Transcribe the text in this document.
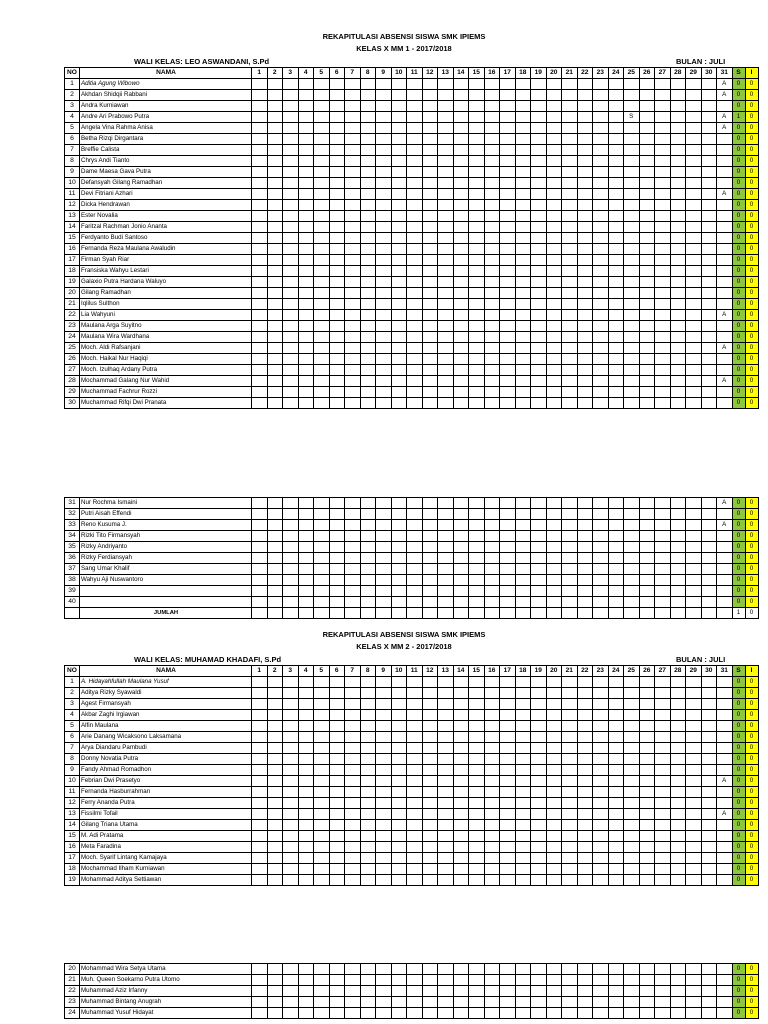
REKAPITULASI ABSENSI SISWA SMK IPIEMS
KELAS X MM 1 - 2017/2018
WALI KELAS: LEO ASWANDANI, S.Pd	BULAN : JULI
NO	NAMA	1	2	3	4	5	6	7	8	9	10	11	12	13	14	15	16	17	18	19	20	21	22	23	24	25	26	27	28	29	30	31	S	I
1	Aditia Agung Wibowo																															A	0	0
2	Akhdan Shidqii Rabbani																															A	0	0
3	Andra Kurniawan																																0	0
4	Andre Ari Prabowo Putra																									S						A	1	0
5	Angela Vina Rahma Anisa																															A	0	0
6	Betha Rizqi Dirgantara																																0	0
7	Breffie Calista																																0	0
8	Chrys Andi Tianto																																0	0
9	Dame Maesa Gava Putra																																0	0
10	Defansyah Gilang Ramadhan																																0	0
11	Devi Fitriani Azhari																															A	0	0
12	Dicka Hendrawan																																0	0
13	Ester Novalia																																0	0
14	Faritzal Rachman Jonio Ananta																																0	0
15	Ferdyanto Budi Santoso																																0	0
16	Fernanda Reza Maulana Awaludin																																0	0
17	Firman Syah Riar																																0	0
18	Fransiska Wahyu Lestari																																0	0
19	Galaxio Putra Hardana Waluyo																																0	0
20	Gilang Ramadhan																																0	0
21	Iqlilus Sulthon																																0	0
22	Lia Wahyuni																															A	0	0
23	Maulana Arga Suyitno																																0	0
24	Maulana Wira Wardhana																																0	0
25	Moch. Aldi Rafsanjani																															A	0	0
26	Moch. Haikal Nur Haqiqi																																0	0
27	Moch. Izulhaq Ardany Putra																																0	0
28	Mochammad Galang Nur Wahid																															A	0	0
29	Muchammad Fachrur Rozzi																																0	0
30	Muchammad Rifqi Dwi Pranata																																0	0
31	Nur Rochma Ismaini																															A	0	0
32	Putri Aisah Effendi																																0	0
33	Reno Kusuma J.																															A	0	0
34	Rizki Tito Firmansyah																																0	0
35	Rizky Andriyanto																																0	0
36	Rizky Ferdiansyah																																0	0
37	Sang Umar Khalif																																0	0
38	Wahyu Aji Nuswantoro																																0	0
39																																	0	0
40																																	0	0
	JUMLAH																																1	0
REKAPITULASI ABSENSI SISWA SMK IPIEMS
KELAS X MM 2 - 2017/2018
WALI KELAS: MUHAMAD KHADAFI, S.Pd	BULAN : JULI
NO	NAMA	1	2	3	4	5	6	7	8	9	10	11	12	13	14	15	16	17	18	19	20	21	22	23	24	25	26	27	28	29	30	31	S	I
1	A. Hidayahfullah Maulana Yusuf																																0	0
2	Aditya Rizky Syawaldi																																0	0
3	Agest Firmansyah																																0	0
4	Akbar Zaghi Irgiawan																																0	0
5	Alfin Maulana																																0	0
6	Arie Danang Wicaksono Laksamana																																0	0
7	Arya Diandaru Pambudi																																0	0
8	Donny Novatia Putra																																0	0
9	Fandy Ahmad Romadhon																																0	0
10	Febrian Dwi Prasetyo																															A	0	0
11	Fernanda Hasburrahman																																0	0
12	Ferry Ananda Putra																																0	0
13	Fissilmi Tofail																															A	0	0
14	Gilang Triana Utama																																0	0
15	M. Adi Pratama																																0	0
16	Meta Faradina																																0	0
17	Moch. Syarif Lintang Kamajaya																																0	0
18	Mochammad Ilham Kurniawan																																0	0
19	Mohammad Aditya Settiawan																																0	0
20	Mohammad Wira Setya Utama																																0	0
21	Muh. Queen Soekarno Putra Utomo																																0	0
22	Muhammad Aziz Irfanny																																0	0
23	Muhammad Bintang Anugrah																																0	0
24	Muhammad Yusuf Hidayat																																0	0
